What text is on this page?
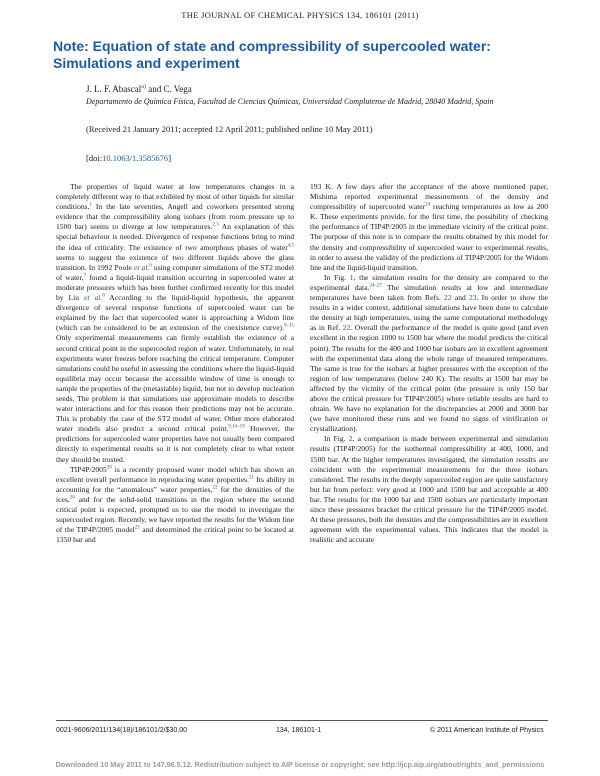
THE JOURNAL OF CHEMICAL PHYSICS 134, 186101 (2011)
Note: Equation of state and compressibility of supercooled water: Simulations and experiment
J. L. F. Abascal$^{a)}$ and C. Vega
Departamento de Química Física, Facultad de Ciencias Químicas, Universidad Complutense de Madrid, 28040 Madrid, Spain
(Received 21 January 2011; accepted 12 April 2011; published online 10 May 2011)
[doi:10.1063/1.3585676]

The properties of liquid water at low temperatures changes in a completely different way to that exhibited by most of other liquids for similar conditions.$^1$ In the late seventies, Angell and coworkers presented strong evidence that the compressibility along isobars (from room pressure up to 1500 bar) seems to diverge at low temperatures.$^{2,3}$ An explanation of this special behaviour is needed. Divergence of response functions bring to mind the idea of criticality. The existence of two amorphous phases of water$^{4,5}$ seems to suggest the existence of two different liquids above the glass transition. In 1992 Poole et al.$^6$ using computer simulations of the ST2 model of water,$^7$ found a liquid-liquid transition occurring in supercooled water at moderate pressures which has been further confirmed recently for this model by Liu et al.$^8$ According to the liquid-liquid hypothesis, the apparent divergence of several response functions of supercooled water can be explained by the fact that supercooled water is approaching a Widom line (which can be considered to be an extension of the coexistence curve).$^{9-15}$ Only experimental measurements can firmly establish the existence of a second critical point in the supercooled region of water. Unfortunately, in real experiments water freezes before reaching the critical temperature. Computer simulations could be useful in assessing the conditions where the liquid-liquid equilibria may occur because the accessible window of time is enough to sample the properties of the (metastable) liquid, but not to develop nucleation seeds. The problem is that simulations use approximate models to describe water interactions and for this reason their predictions may not be accurate. This is probably the case of the ST2 model of water. Other more elaborated water models also predict a second critical point.$^{9,16-19}$ However, the predictions for supercooled water properties have not usually been compared directly to experimental results so it is not completely clear to what extent they should be trusted.

TIP4P/2005$^{20}$ is a recently proposed water model which has shown an excellent overall performance in reproducing water properties.$^{21}$ Its ability in accounting for the “anomalous” water properties,$^{22}$ for the densities of the ices,$^{20}$ and for the solid-solid transitions in the region where the second critical point is expected, prompted us to use the model to investigate the supercooled region. Recently, we have reported the results for the Widom line of the TIP4P/2005 model$^{23}$ and determined the critical point to be located at 1350 bar and

193 K. A few days after the acceptance of the above mentioned paper, Mishima reported experimental measurements of the density and compressibility of supercooled water$^{24}$ reaching temperatures as low as 200 K. These experiments provide, for the first time, the possibility of checking the performance of TIP4P/2005 in the immediate vicinity of the critical point. The purpose of this note is to compare the results obtained by this model for the density and compressibility of supercooled water to experimental results, in order to assess the validity of the predictions of TIP4P/2005 for the Widom line and the liquid-liquid transition.

In Fig. 1, the simulation results for the density are compared to the experimental data.$^{24-27}$ The simulation results at low and intermediate temperatures have been taken from Refs. 22 and 23. In order to show the results in a wider context, additional simulations have been done to calculate the density at high temperatures, using the same computational methodology as in Ref. 22. Overall the performance of the model is quite good (and even excellent in the region 1000 to 1500 bar where the model predicts the critical point). The results for the 400 and 1000 bar isobars are in excellent agreement with the experimental data along the whole range of measured temperatures. The same is true for the isobars at higher pressures with the exception of the region of low temperatures (below 240 K). The results at 1500 bar may be affected by the vicinity of the critical point (the pressure is only 150 bar above the critical pressure for TIP4P/2005) where reliable results are hard to obtain. We have no explanation for the discrepancies at 2000 and 3000 bar (we have monitored these runs and we found no signs of vitrification or crystallization).

In Fig. 2, a comparison is made between experimental and simulation results (TIP4P/2005) for the isothermal compressibility at 400, 1000, and 1500 bar. At the higher temperatures investigated, the simulation results are coincident with the experimental measurements for the three isobars considered. The results in the deeply supercooled region are quite satisfactory but far from perfect: very good at 1000 and 1500 bar and acceptable at 400 bar. The results for the 1000 bar and 1500 isobars are particularly important since these pressures bracket the critical pressure for the TIP4P/2005 model. At these pressures, both the densities and the compressibilities are in excellent agreement with the experimental values. This indicates that the model is realistic and accurate

0021-9606/2011/134(18)/186101/2/$30.00	134, 186101-1	© 2011 American Institute of Physics
Downloaded 10 May 2011 to 147.96.5.12. Redistribution subject to AIP license or copyright; see http://jcp.aip.org/about/rights_and_permissions
